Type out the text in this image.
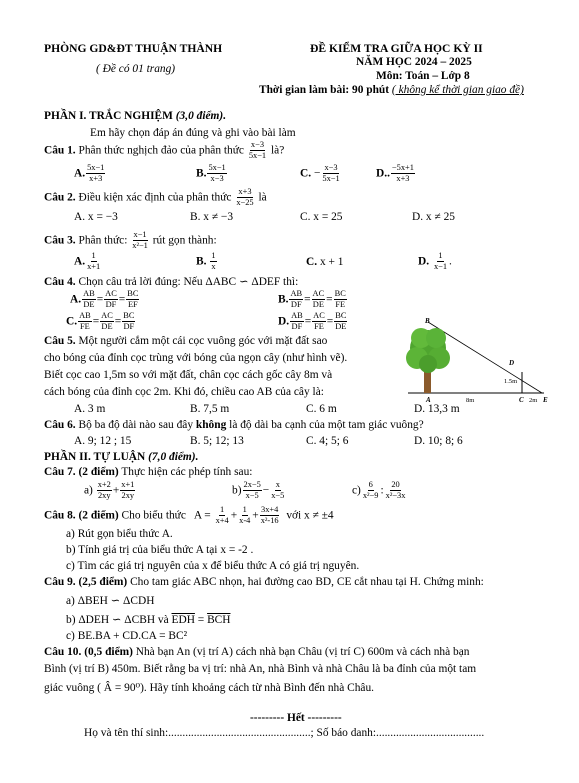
PHÒNG GD&ĐT THUẬN THÀNH
( Đề có 01 trang)
ĐỀ KIỂM TRA GIỮA HỌC KỲ II
NĂM HỌC 2024 – 2025
Môn: Toán – Lớp 8
Thời gian làm bài: 90 phút ( không kể thời gian giao đề)
PHẦN I. TRẮC NGHIỆM (3,0 điểm).
Em hãy chọn đáp án đúng và ghi vào bài làm
Câu 1. Phân thức nghịch đảo của phân thức $\frac{x-3}{5x-1}$ là?
A. $\frac{5x-1}{x+3}$	B. $\frac{5x-1}{x-3}$	C. − $\frac{x-3}{5x-1}$	D.. $\frac{-5x+1}{x+3}$
Câu 2. Điều kiện xác định của phân thức $\frac{x+3}{x-25}$ là
A. x = −3	B. x ≠ −3	C. x = 25	D. x ≠ 25
Câu 3. Phân thức: $\frac{x-1}{\text{x²−1}}$ rút gọn thành:
A. $\frac{1}{x+1}$	B. $\frac{1}{x}$	C. x + 1	D. $\frac{1}{x-1}$ .
Câu 4. Chọn câu trả lời đúng: Nếu ΔABC ∽ ΔDEF thì:
A. $\frac{AB}{DE} = \frac{AC}{DF} = \frac{BC}{EF}$	B. $\frac{AB}{DF} = \frac{AC}{DE} = \frac{BC}{FE}$
C. $\frac{AB}{FE} = \frac{AC}{DE} = \frac{BC}{DF}$	D. $\frac{AB}{DF} = \frac{AC}{FE} = \frac{BC}{DE}$
Câu 5. Một người cắm một cái cọc vuông góc với mặt đất sao
cho bóng của đỉnh cọc trùng với bóng của ngọn cây (như hình vẽ).
Biết cọc cao 1,5m so với mặt đất, chân cọc cách gốc cây 8m và
cách bóng của đỉnh cọc 2m. Khi đó, chiều cao AB của cây là:
A. 3 m	B. 7,5 m	C. 6 m	D. 13,3 m
B
D
1.5m
A	8m	C 2m E
Câu 6. Bộ ba độ dài nào sau đây không là độ dài ba cạnh của một tam giác vuông?
A. 9; 12 ; 15	B. 5; 12; 13	C. 4; 5; 6	D. 10; 8; 6
PHẦN II. TỰ LUẬN (7,0 điểm).
Câu 7. (2 điểm) Thực hiện các phép tính sau:
$a) \frac{x+2}{2xy} + \frac{x+1}{2xy}$	$b) \frac{2x-5}{x-5} - \frac{x}{x-5}$	$c) \frac{6}{\text{x²−9}}$ : $\frac{20}{\text{x²−3x}}$
Câu 8. (2 điểm) Cho biểu thức $A = \frac{1}{x+4} + \frac{1}{x-4} + \frac{3x+4}{\text{x²-16}}$ với x ≠ ±4
a) Rút gọn biểu thức A.
b) Tính giá trị của biểu thức A tại x = -2 .
c) Tìm các giá trị nguyên của x để biểu thức A có giá trị nguyên.
Câu 9. (2,5 điểm) Cho tam giác ABC nhọn, hai đường cao BD, CE cắt nhau tại H. Chứng minh:
a) ΔBEH ∽ ΔCDH
b) ΔDEH ∽ ΔCBH và $\overline{EDH} = \overline{BCH}$
c) BE.BA + CD.CA = BC²
Câu 10. (0,5 điểm) Nhà bạn An (vị trí A) cách nhà bạn Châu (vị trí C) 600m và cách nhà bạn
Bình (vị trí B) 450m. Biết rằng ba vị trí: nhà An, nhà Bình và nhà Châu là ba đỉnh của một tam
giác vuông ( Â = 90⁰). Hãy tính khoảng cách từ nhà Bình đến nhà Châu.
--------- Hết ---------
Họ và tên thí sinh:..................................................; Số báo danh:......................................
